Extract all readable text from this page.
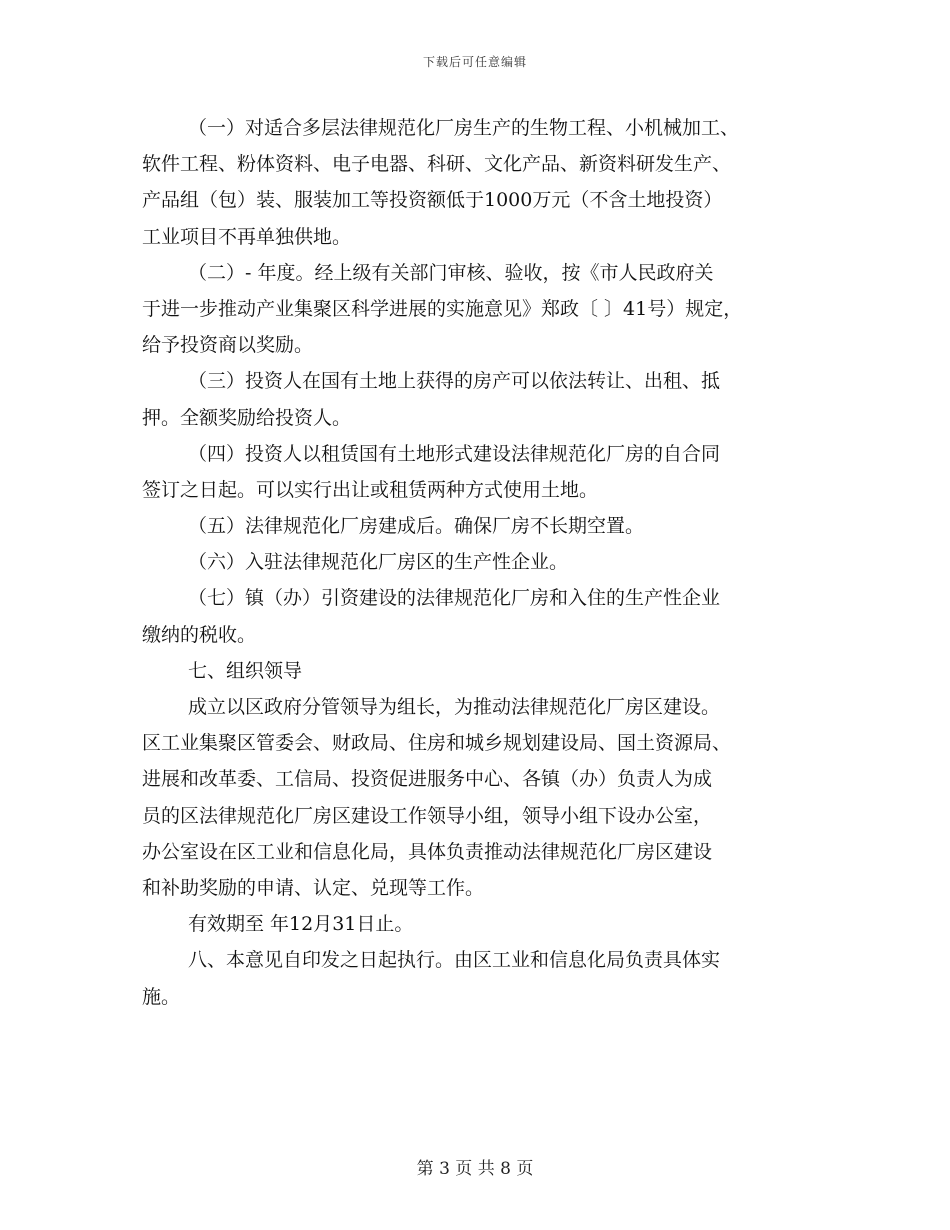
下载后可任意编辑
（一）对适合多层法律规范化厂房生产的生物工程、小机械加工、
软件工程、粉体资料、电子电器、科研、文化产品、新资料研发生产、
产品组（包）装、服装加工等投资额低于1000万元（不含土地投资）
工业项目不再单独供地。
（二）- 年度。经上级有关部门审核、验收，按《市人民政府关
于进一步推动产业集聚区科学进展的实施意见》郑政〔 〕41号）规定，
给予投资商以奖励。
（三）投资人在国有土地上获得的房产可以依法转让、出租、抵
押。全额奖励给投资人。
（四）投资人以租赁国有土地形式建设法律规范化厂房的自合同
签订之日起。可以实行出让或租赁两种方式使用土地。
（五）法律规范化厂房建成后。确保厂房不长期空置。
（六）入驻法律规范化厂房区的生产性企业。
（七）镇（办）引资建设的法律规范化厂房和入住的生产性企业
缴纳的税收。
七、组织领导
成立以区政府分管领导为组长，为推动法律规范化厂房区建设。
区工业集聚区管委会、财政局、住房和城乡规划建设局、国土资源局、
进展和改革委、工信局、投资促进服务中心、各镇（办）负责人为成
员的区法律规范化厂房区建设工作领导小组，领导小组下设办公室，
办公室设在区工业和信息化局，具体负责推动法律规范化厂房区建设
和补助奖励的申请、认定、兑现等工作。
有效期至 年12月31日止。
八、本意见自印发之日起执行。由区工业和信息化局负责具体实
施。
第 3 页 共 8 页
